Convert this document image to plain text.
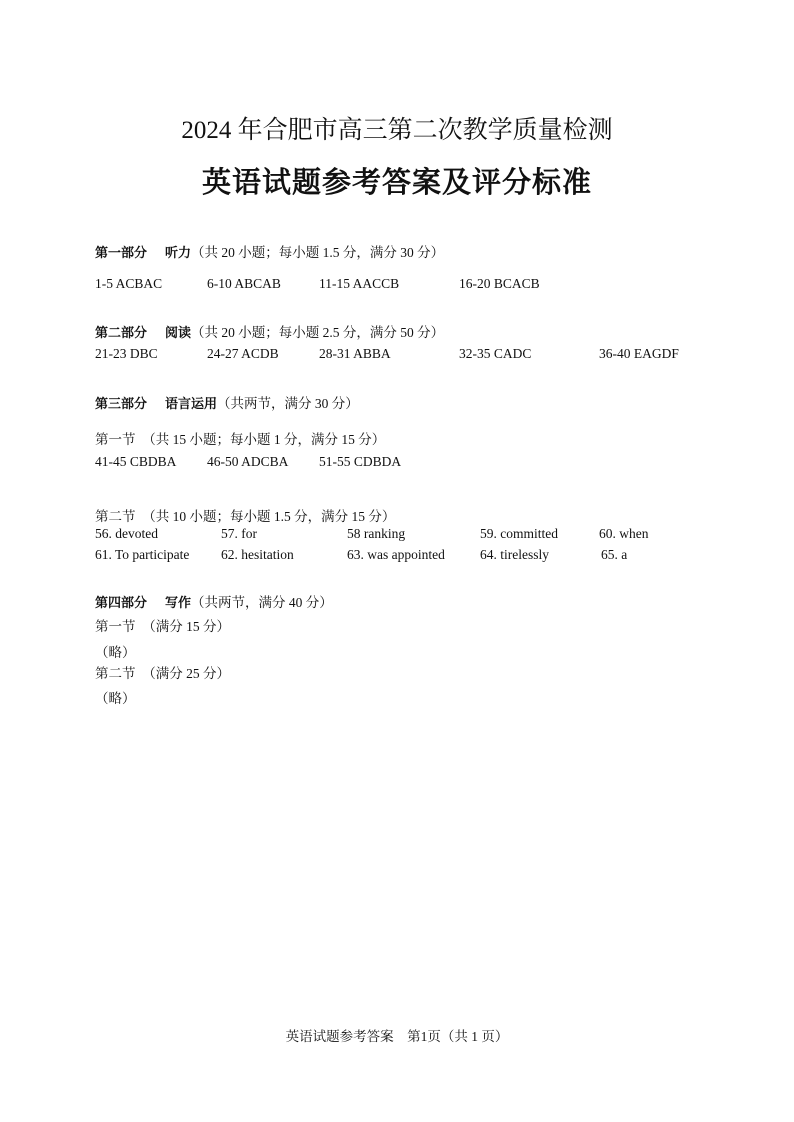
2024 年合肥市高三第二次教学质量检测
英语试题参考答案及评分标准
第一部分 听力（共 20 小题；每小题 1.5 分，满分 30 分）
1-5 ACBAC	6-10 ABCAB	11-15 AACCB	16-20 BCACB
第二部分 阅读（共 20 小题；每小题 2.5 分，满分 50 分）
21-23 DBC	24-27 ACDB	28-31 ABBA	32-35 CADC	36-40 EAGDF
第三部分 语言运用（共两节，满分 30 分）
第一节　（共 15 小题；每小题 1 分，满分 15 分）
41-45 CBDBA 46-50 ADCBA 51-55 CDBDA
第二节　（共 10 小题；每小题 1.5 分，满分 15 分）
56. devoted	57. for	58 ranking	59. committed	60. when
61. To participate 62. hesitation	63. was appointed	64. tirelessly	65. a
第四部分 写作（共两节，满分 40 分）
第一节　（满分 15 分）
（略）
第二节　（满分 25 分）
（略）
英语试题参考答案　第1页（共 1 页）
